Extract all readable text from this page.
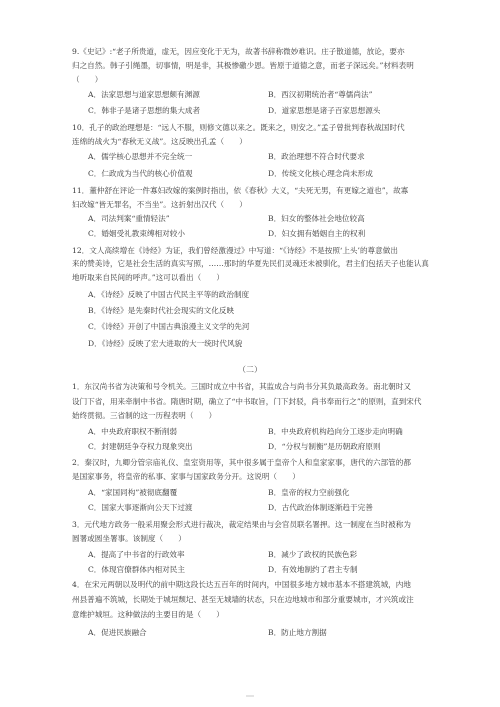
9.《史记》:“老子所贵道，虚无，因应变化于无为，故著书辞称微妙难识。庄子散道德，放论，要亦
归之自然。韩子引绳墨，切事情，明是非，其极惨礉少恩。皆原于道德之意，而老子深远矣。”材料表明
（　　）
A．法家思想与道家思想颇有渊源	B．西汉初期统治者“尊儒尚法”
C．韩非子是诸子思想的集大成者	D．道家思想是诸子百家思想源头
10．孔子的政治理想是：“远人不服，则修文德以来之。既来之，则安之。”孟子曾批判春秋战国时代
连绵的战火为“春秋无义战”。这反映出孔孟（　　）
A．儒学核心思想并不完全统一	B．政治理想不符合时代要求
C．仁政成为当代的核心价值观	D．传统文化核心理念尚未形成
11．董仲舒在评论一件寡妇改嫁的案例时指出，依《春秋》大义，“夫死无男，有更嫁之道也”，故寡
妇改嫁“皆无罪名，不当坐”。这折射出汉代（　　）
A．司法判案“重情轻法”	B．妇女的整体社会地位较高
C．婚姻受礼教束缚相对较小	D．妇女拥有婚姻自主的权利
12．文人高续增在《诗经》为证，我们曾经激漫过》中写道：“《诗经》不是按照‘上头’的尊意做出
来的赞美诗，它是社会生活的真实写照，……那时的华夏先民们灵魂还未被驯化，君主们包括天子也能认真
地听取来自民间的呼声。”这可以看出（　　）
A．《诗经》反映了中国古代民主平等的政治制度
B．《诗经》是先秦时代社会现实的文化反映
C．《诗经》开创了中国古典浪漫主义文学的先河
D．《诗经》反映了宏大进取的大一统时代风貌
（二）
1．东汉尚书省为决策和号令机关。三国时成立中书省，其监成合与尚书分其负最高政务。南北朝时又
设门下省，用来牵制中书省。隋唐时期，确立了“中书取旨，门下封驳，尚书奉而行之”的原则，直到宋代
始终贯彻。三省制的这一历程表明（　　）
A．中央政府职权不断削弱	B．中央政府机构趋向分工逐步走向明确
C．封建朝廷争夺权力现象突出	D．“分权与制衡”是历朝政府原则
2．秦汉时，九卿分管宗庙礼仪、皇室资用等，其中很多属于皇帝个人和皇家家事，唐代的六部管的都
是国家事务，将皇帝的私事、家事与国家政务分开。这说明（　　）
A．“家国同构”被彻底翻覆	B．皇帝的权力空前强化
C．国家大事逐渐向公天下过渡	D．古代政治体制逐渐趋于完善
3．元代地方政务一般采用聚会形式进行裁决，裁定结果由与会官员联名署押。这一制度在当时被称为
圆署或圆坐署事。该制度（　　）
A．提高了中书省的行政效率	B．减少了政权的民族色彩
C．体现官僚群体内相对民主	D．有效地制约了君主专制
4．在宋元两朝以及明代的前中期这段长达五百年的时间内，中国很多地方城市基本不搭建筑城，内地
州县普遍不筑城，长期处于城垣颓圮、甚至无城墙的状态，只在边地城市和部分重要城市，才兴筑或注
意维护城垣。这种做法的主要目的是（　　）
A．促进民族融合	B．防止地方割据
